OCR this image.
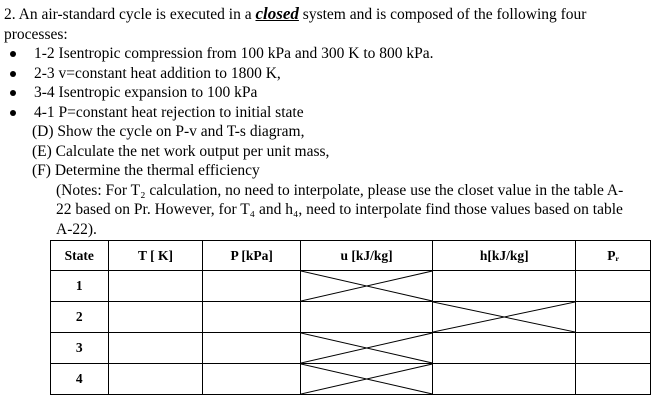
2. An air-standard cycle is executed in a closed system and is composed of the following four
processes:
1-2 Isentropic compression from 100 kPa and 300 K to 800 kPa.
2-3 v=constant heat addition to 1800 K,
3-4 Isentropic expansion to 100 kPa
4-1 P=constant heat rejection to initial state
(D) Show the cycle on P-v and T-s diagram,
(E) Calculate the net work output per unit mass,
(F) Determine the thermal efficiency
(Notes: For T₂ calculation, no need to interpolate, please use the closet value in the table A-22 based on Pr. However, for T₄ and h₄, need to interpolate find those values based on table A-22).
State	T [ K]	P [kPa]	u [kJ/kg]	h[kJ/kg]	Pᵣ
1			

2				

3			

4			
